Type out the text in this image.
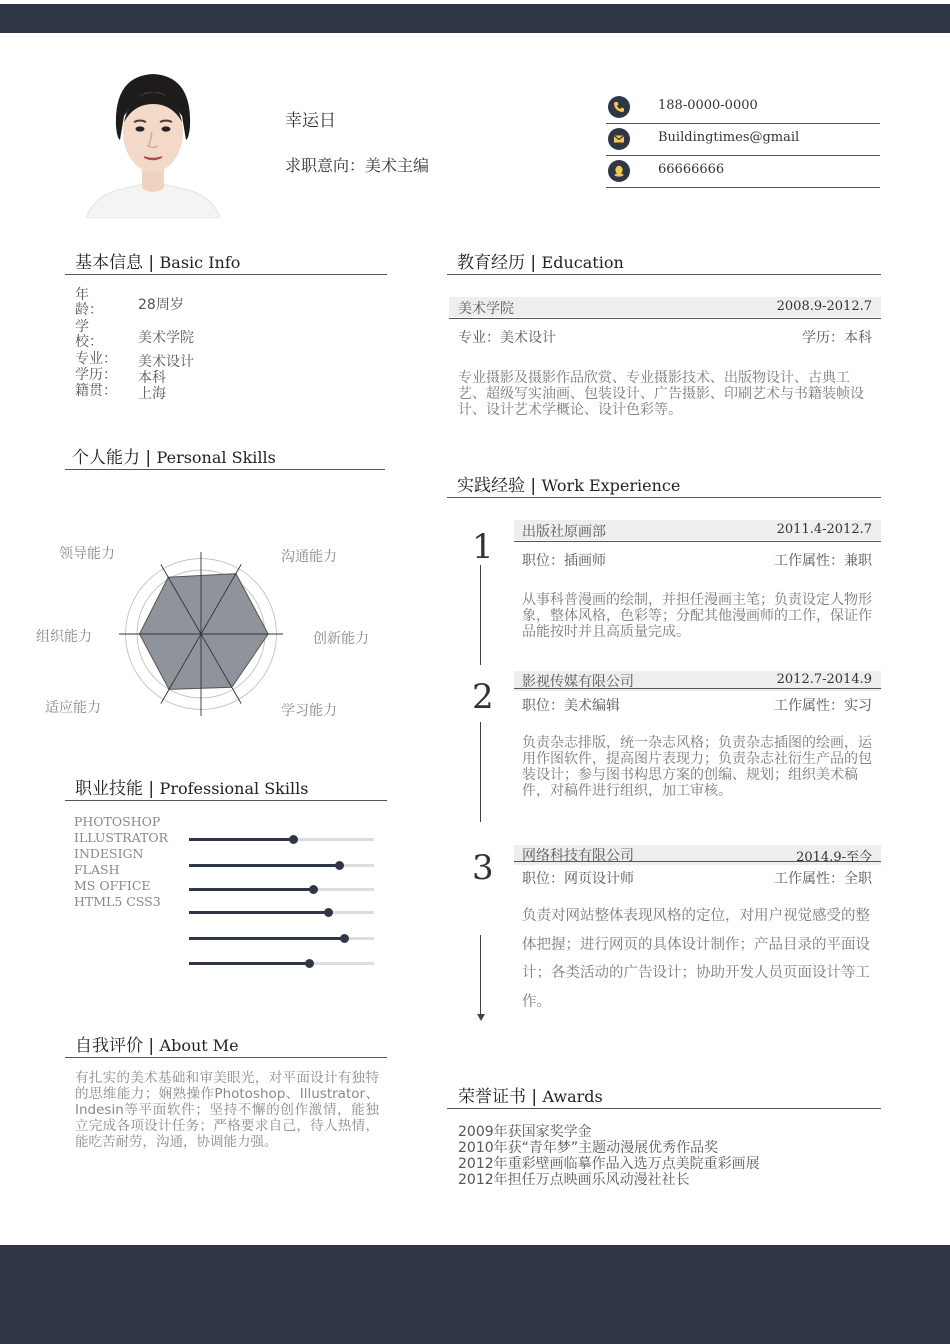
幸运日
求职意向：美术主编
188-0000-0000
Buildingtimes@gmail
66666666
基本信息 | Basic Info
年龄：	28周岁
学校：	美术学院
专业： 美术设计
学历： 本科
籍贯： 上海
个人能力 | Personal Skills
沟通能力
创新能力
学习能力
适应能力
组织能力
领导能力
职业技能 | Professional Skills
PHOTOSHOP
ILLUSTRATOR
INDESIGN
FLASH
MS OFFICE
HTML5 CSS3
自我评价 | About Me
有扎实的美术基础和审美眼光，对平面设计有独特的思维能力；娴熟操作Photoshop、Illustrator、Indesin等平面软件；坚持不懈的创作激情，能独立完成各项设计任务；严格要求自己，待人热情，能吃苦耐劳，沟通，协调能力强。
教育经历 | Education
美术学院	2008.9-2012.7
专业：美术设计	学历：本科
专业摄影及摄影作品欣赏、专业摄影技术、出版物设计、古典工艺、超级写实油画、包装设计、广告摄影、印刷艺术与书籍装帧设计、设计艺术学概论、设计色彩等。
实践经验 | Work Experience
1 出版社原画部	2011.4-2012.7
职位：插画师	工作属性：兼职
从事科普漫画的绘制，并担任漫画主笔；负责设定人物形象，整体风格，色彩等；分配其他漫画师的工作，保证作品能按时并且高质量完成。
2 影视传媒有限公司	2012.7-2014.9
职位：美术编辑	工作属性：实习
负责杂志排版，统一杂志风格；负责杂志插图的绘画，运用作图软件，提高图片表现力；负责杂志社衍生产品的包装设计；参与图书构思方案的创编、规划；组织美术稿件，对稿件进行组织，加工审核。
3 网络科技有限公司	2014.9-至今
职位：网页设计师	工作属性：全职
负责对网站整体表现风格的定位，对用户视觉感受的整体把握；进行网页的具体设计制作；产品目录的平面设计；各类活动的广告设计；协助开发人员页面设计等工作。
荣誉证书 | Awards
2009年获国家奖学金
2010年获“青年梦”主题动漫展优秀作品奖
2012年重彩壁画临摹作品入选万点美院重彩画展
2012年担任万点映画乐风动漫社社长
